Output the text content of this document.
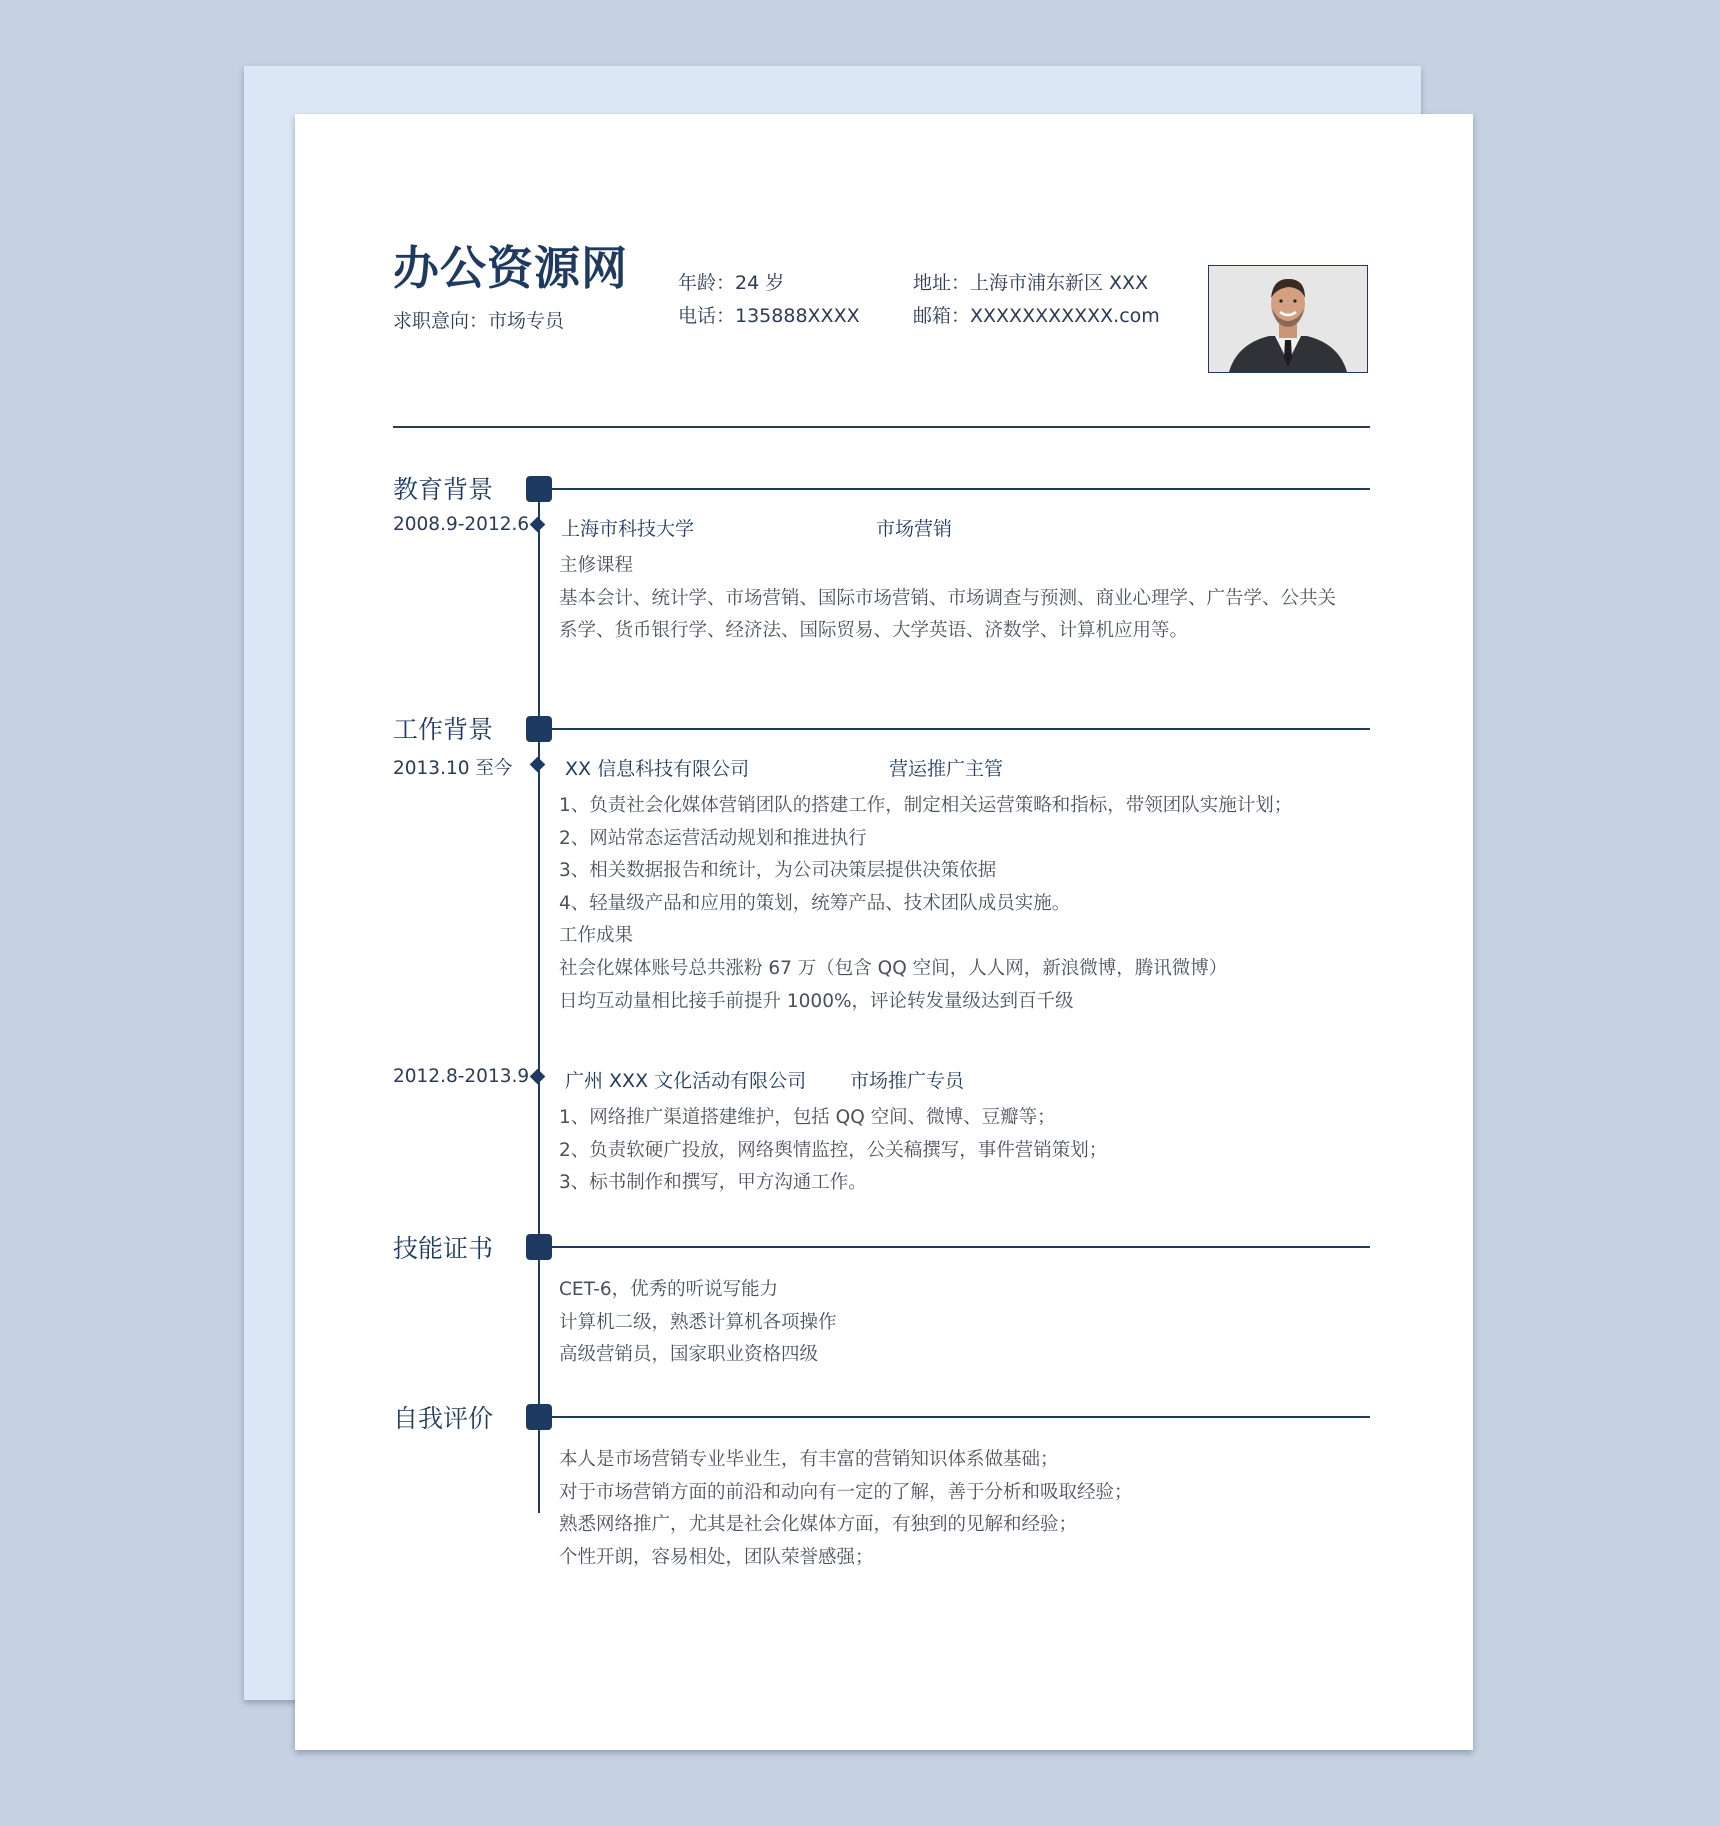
办公资源网
求职意向：市场专员
年龄：24 岁
电话：135888XXXX
地址：上海市浦东新区 XXX
邮箱：XXXXXXXXXXX.com
教育背景
2008.9-2012.6 上海市科技大学	市场营销
主修课程
基本会计、统计学、市场营销、国际市场营销、市场调查与预测、商业心理学、广告学、公共关
系学、货币银行学、经济法、国际贸易、大学英语、济数学、计算机应用等。
工作背景
2013.10 至今	XX 信息科技有限公司	营运推广主管
1、负责社会化媒体营销团队的搭建工作，制定相关运营策略和指标，带领团队实施计划；
2、网站常态运营活动规划和推进执行
3、相关数据报告和统计，为公司决策层提供决策依据
4、轻量级产品和应用的策划，统筹产品、技术团队成员实施。
工作成果
社会化媒体账号总共涨粉 67 万（包含 QQ 空间，人人网，新浪微博，腾讯微博）
日均互动量相比接手前提升 1000%，评论转发量级达到百千级
2012.8-2013.9 广州 XXX 文化活动有限公司 市场推广专员
1、网络推广渠道搭建维护，包括 QQ 空间、微博、豆瓣等；
2、负责软硬广投放，网络舆情监控，公关稿撰写，事件营销策划；
3、标书制作和撰写，甲方沟通工作。
技能证书
CET-6，优秀的听说写能力
计算机二级，熟悉计算机各项操作
高级营销员，国家职业资格四级
自我评价
本人是市场营销专业毕业生，有丰富的营销知识体系做基础；
对于市场营销方面的前沿和动向有一定的了解，善于分析和吸取经验；
熟悉网络推广，尤其是社会化媒体方面，有独到的见解和经验；
个性开朗，容易相处，团队荣誉感强；
